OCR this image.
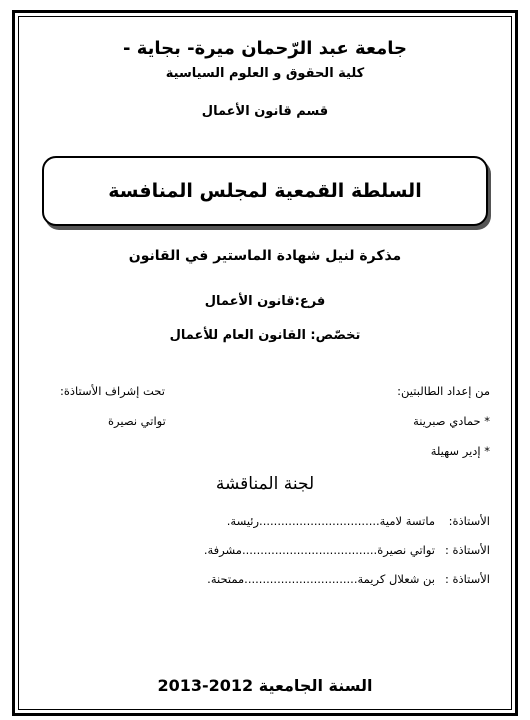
جامعة عبد الرّحمان ميرة- بجاية -
كلية الحقوق و العلوم السياسية
قسم قانون الأعمال
السلطة القمعية لمجلس المنافسة
مذكرة لنيل شهادة الماستير في القانون
فرع:قانون الأعمال
تخصّص: القانون العام للأعمال
من إعداد الطالبتين:
* حمادي صبرينة
* إدير سهيلة
تحت إشراف الأستاذة:
تواتي نصيرة
لجنة المناقشة
الأستاذة:
ماتسة لامية.................................رئيسة.
الأستاذة :
تواتي نصيرة.....................................مشرفة.
الأستاذة :
بن شعلال كريمة...............................ممتحنة.
السنة الجامعية 2012-2013
